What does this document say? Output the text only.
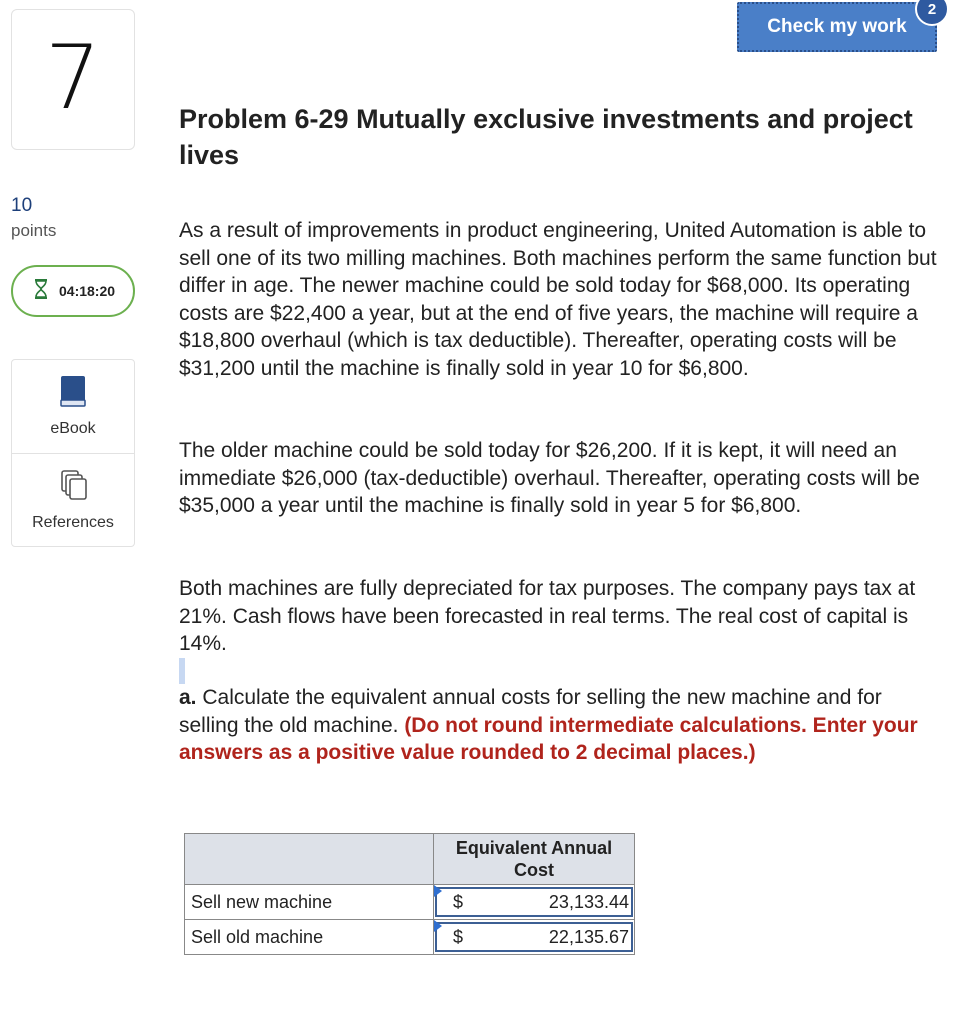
7
10
points
04:18:20
eBook
References
Check my work
2
Problem 6-29 Mutually exclusive investments and project lives

As a result of improvements in product engineering, United Automation is able to sell one of its two milling machines. Both machines perform the same function but differ in age. The newer machine could be sold today for $68,000. Its operating costs are $22,400 a year, but at the end of five years, the machine will require a $18,800 overhaul (which is tax deductible). Thereafter, operating costs will be $31,200 until the machine is finally sold in year 10 for $6,800.

The older machine could be sold today for $26,200. If it is kept, it will need an immediate $26,000 (tax-deductible) overhaul. Thereafter, operating costs will be $35,000 a year until the machine is finally sold in year 5 for $6,800.

Both machines are fully depreciated for tax purposes. The company pays tax at 21%. Cash flows have been forecasted in real terms. The real cost of capital is 14%.

a. Calculate the equivalent annual costs for selling the new machine and for selling the old machine. (Do not round intermediate calculations. Enter your answers as a positive value rounded to 2 decimal places.)

	Equivalent Annual Cost
Sell new machine	$ 23,133.44

Sell old machine	$ 22,135.67
